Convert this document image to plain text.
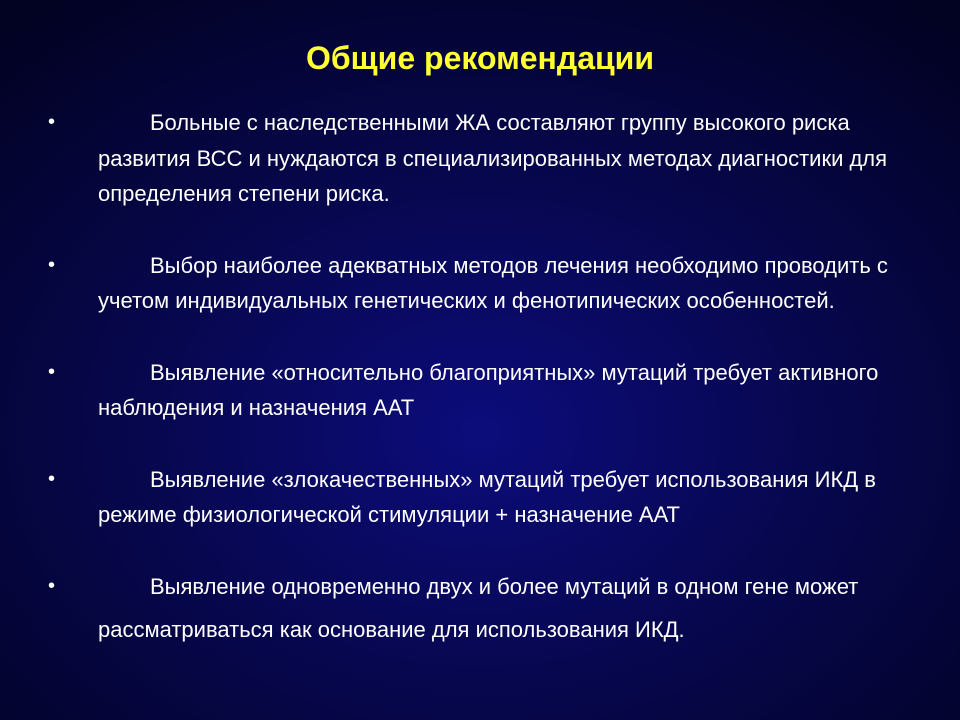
Общие рекомендации
•	Больные с наследственными ЖА составляют группу высокого риска развития ВСС и нуждаются в специализированных методах диагностики для определения степени риска.
•	Выбор наиболее адекватных методов лечения необходимо проводить с учетом индивидуальных генетических и фенотипических особенностей.
•	Выявление «относительно благоприятных» мутаций требует активного наблюдения и назначения ААТ
•	Выявление «злокачественных» мутаций требует использования ИКД в режиме физиологической стимуляции + назначение ААТ
•	Выявление одновременно двух и более мутаций в одном гене может рассматриваться как основание для использования ИКД.
